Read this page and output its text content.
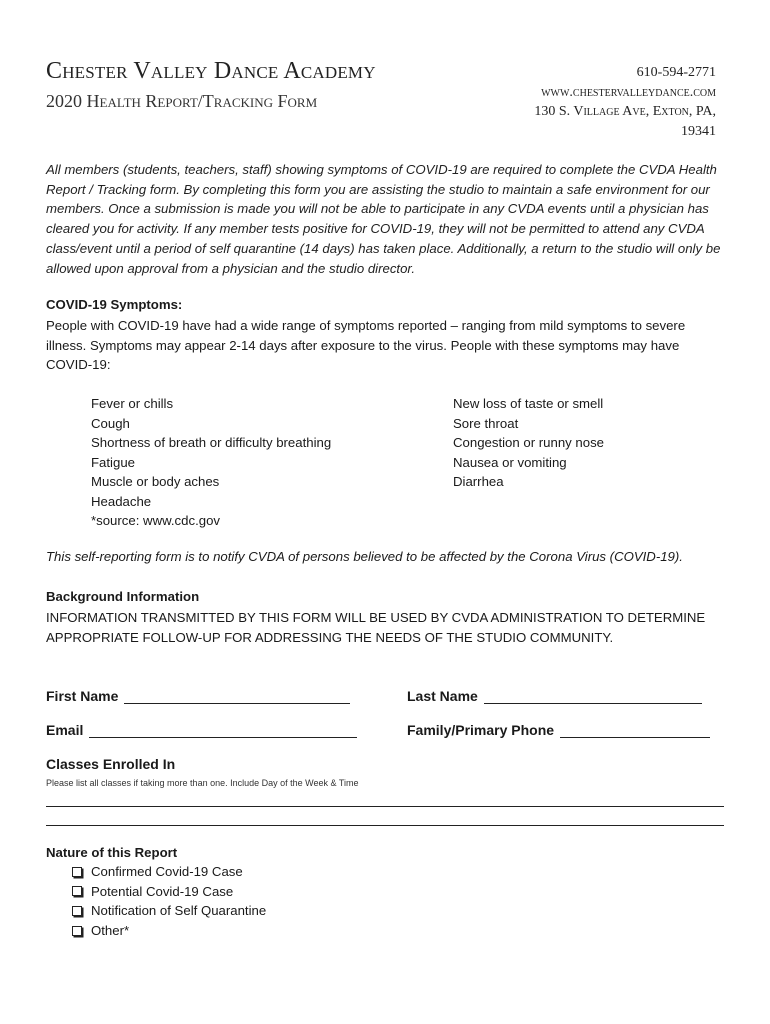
Chester Valley Dance Academy
2020 Health Report/Tracking Form
610-594-2771
www.chestervalleydance.com
130 S. Village Ave, Exton, PA,
19341
All members (students, teachers, staff) showing symptoms of COVID-19 are required to complete the CVDA Health Report / Tracking form. By completing this form you are assisting the studio to maintain a safe environment for our members. Once a submission is made you will not be able to participate in any CVDA events until a physician has cleared you for activity. If any member tests positive for COVID-19, they will not be permitted to attend any CVDA class/event until a period of self quarantine (14 days) has taken place. Additionally, a return to the studio will only be allowed upon approval from a physician and the studio director.
COVID-19 Symptoms:
People with COVID-19 have had a wide range of symptoms reported – ranging from mild symptoms to severe illness. Symptoms may appear 2-14 days after exposure to the virus. People with these symptoms may have COVID-19:
Fever or chills
Cough
Shortness of breath or difficulty breathing
Fatigue
Muscle or body aches
Headache
*source: www.cdc.gov
New loss of taste or smell
Sore throat
Congestion or runny nose
Nausea or vomiting
Diarrhea
This self-reporting form is to notify CVDA of persons believed to be affected by the Corona Virus (COVID-19).
Background Information
INFORMATION TRANSMITTED BY THIS FORM WILL BE USED BY CVDA ADMINISTRATION TO DETERMINE APPROPRIATE FOLLOW-UP FOR ADDRESSING THE NEEDS OF THE STUDIO COMMUNITY.
First Name	Last Name
Email	Family/Primary Phone
Classes Enrolled In
Please list all classes if taking more than one. Include Day of the Week & Time
Nature of this Report
Confirmed Covid-19 Case
Potential Covid-19 Case
Notification of Self Quarantine
Other*
